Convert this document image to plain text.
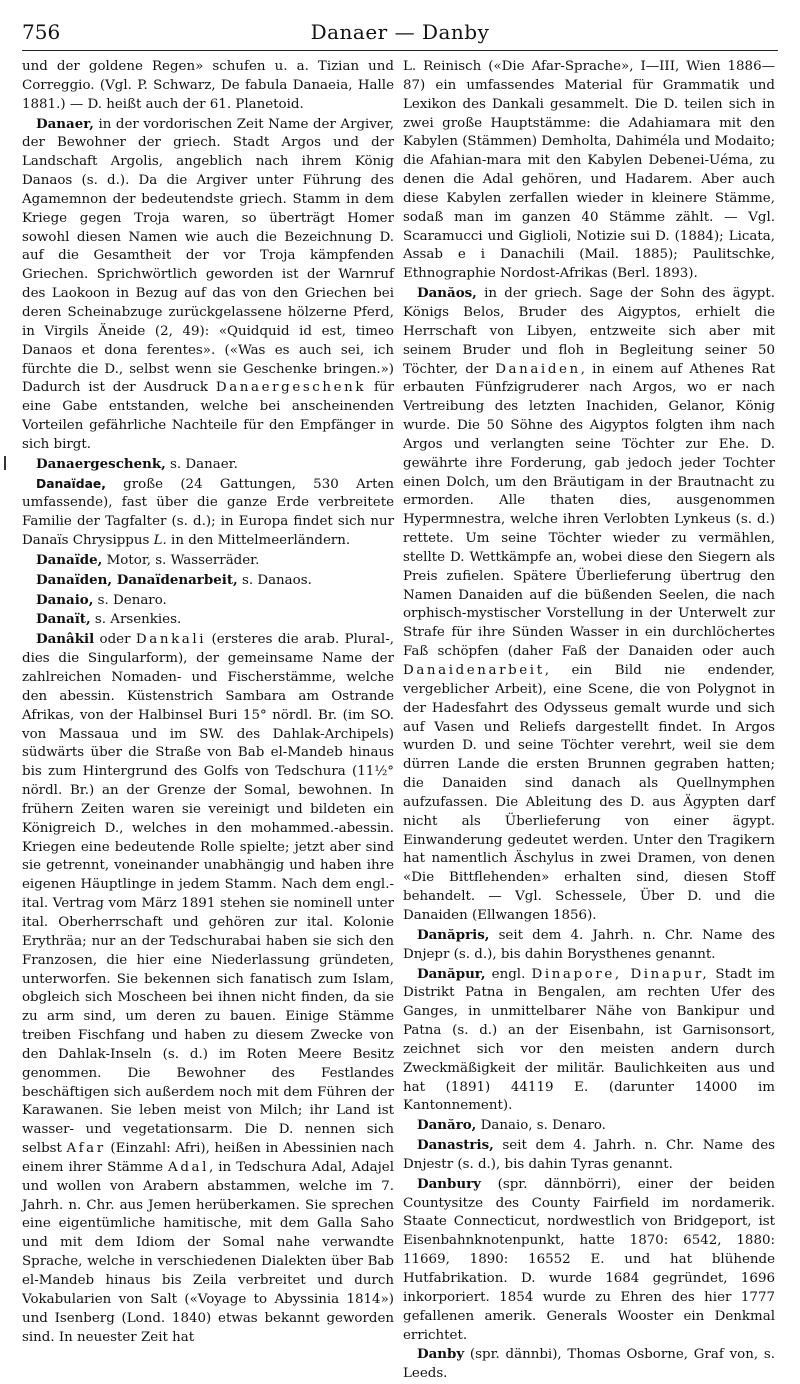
756	Danaer — Danby

und der goldene Regen» schufen u. a. Tizian und Correggio. (Vgl. P. Schwarz, De fabula Danaeia, Halle 1881.) — D. heißt auch der 61. Planetoid.

Danaer, in der vordorischen Zeit Name der Argiver, der Bewohner der griech. Stadt Argos und der Landschaft Argolis, angeblich nach ihrem König Danaos (s. d.). Da die Argiver unter Führung des Agamemnon der bedeutendste griech. Stamm in dem Kriege gegen Troja waren, so überträgt Homer sowohl diesen Namen wie auch die Bezeichnung D. auf die Gesamtheit der vor Troja kämpfenden Griechen. Sprichwörtlich geworden ist der Warnruf des Laokoon in Bezug auf das von den Griechen bei deren Scheinabzuge zurückgelassene hölzerne Pferd, in Virgils Äneide (2, 49): «Quidquid id est, timeo Danaos et dona ferentes». («Was es auch sei, ich fürchte die D., selbst wenn sie Geschenke bringen.») Dadurch ist der Ausdruck Danaergeschenk für eine Gabe entstanden, welche bei anscheinenden Vorteilen gefährliche Nachteile für den Empfänger in sich birgt.

Danaergeschenk, s. Danaer.

Danaïdae, große (24 Gattungen, 530 Arten umfassende), fast über die ganze Erde verbreitete Familie der Tagfalter (s. d.); in Europa findet sich nur Danaïs Chrysippus L. in den Mittelmeerländern.

Danaïde, Motor, s. Wasserräder.

Danaïden, Danaïdenarbeit, s. Danaos.

Danaio, s. Denaro.

Danaït, s. Arsenkies.

Danâkil oder Dankali (ersteres die arab. Plural-, dies die Singularform), der gemeinsame Name der zahlreichen Nomaden- und Fischerstämme, welche den abessin. Küstenstrich Sambara am Ostrande Afrikas, von der Halbinsel Buri 15° nördl. Br. (im SO. von Massaua und im SW. des Dahlak-Archipels) südwärts über die Straße von Bab el-Mandeb hinaus bis zum Hintergrund des Golfs von Tedschura (11½° nördl. Br.) an der Grenze der Somal, bewohnen. In frühern Zeiten waren sie vereinigt und bildeten ein Königreich D., welches in den mohammed.-abessin. Kriegen eine bedeutende Rolle spielte; jetzt aber sind sie getrennt, voneinander unabhängig und haben ihre eigenen Häuptlinge in jedem Stamm. Nach dem engl.-ital. Vertrag vom März 1891 stehen sie nominell unter ital. Oberherrschaft und gehören zur ital. Kolonie Erythräa; nur an der Tedschurabai haben sie sich den Franzosen, die hier eine Niederlassung gründeten, unterworfen. Sie bekennen sich fanatisch zum Islam, obgleich sich Moscheen bei ihnen nicht finden, da sie zu arm sind, um deren zu bauen. Einige Stämme treiben Fischfang und haben zu diesem Zwecke von den Dahlak-Inseln (s. d.) im Roten Meere Besitz genommen. Die Bewohner des Festlandes beschäftigen sich außerdem noch mit dem Führen der Karawanen. Sie leben meist von Milch; ihr Land ist wasser- und vegetationsarm. Die D. nennen sich selbst Afar (Einzahl: Afri), heißen in Abessinien nach einem ihrer Stämme Adal, in Tedschura Adal, Adajel und wollen von Arabern abstammen, welche im 7. Jahrh. n. Chr. aus Jemen herüberkamen. Sie sprechen eine eigentümliche hamitische, mit dem Galla Saho und mit dem Idiom der Somal nahe verwandte Sprache, welche in verschiedenen Dialekten über Bab el-Mandeb hinaus bis Zeila verbreitet und durch Vokabularien von Salt («Voyage to Abyssinia 1814») und Isenberg (Lond. 1840) etwas bekannt geworden sind. In neuester Zeit hat

L. Reinisch («Die Afar-Sprache», I—III, Wien 1886—87) ein umfassendes Material für Grammatik und Lexikon des Dankali gesammelt. Die D. teilen sich in zwei große Hauptstämme: die Adahiamara mit den Kabylen (Stämmen) Demholta, Dahiméla und Modaito; die Afahian-mara mit den Kabylen Debenei-Uéma, zu denen die Adal gehören, und Hadarem. Aber auch diese Kabylen zerfallen wieder in kleinere Stämme, sodaß man im ganzen 40 Stämme zählt. — Vgl. Scaramucci und Giglioli, Notizie sui D. (1884); Licata, Assab e i Danachili (Mail. 1885); Paulitschke, Ethnographie Nordost-Afrikas (Berl. 1893).

Danăos, in der griech. Sage der Sohn des ägypt. Königs Belos, Bruder des Aigyptos, erhielt die Herrschaft von Libyen, entzweite sich aber mit seinem Bruder und floh in Begleitung seiner 50 Töchter, der Danaiden, in einem auf Athenes Rat erbauten Fünfzigruderer nach Argos, wo er nach Vertreibung des letzten Inachiden, Gelanor, König wurde. Die 50 Söhne des Aigyptos folgten ihm nach Argos und verlangten seine Töchter zur Ehe. D. gewährte ihre Forderung, gab jedoch jeder Tochter einen Dolch, um den Bräutigam in der Brautnacht zu ermorden. Alle thaten dies, ausgenommen Hypermnestra, welche ihren Verlobten Lynkeus (s. d.) rettete. Um seine Töchter wieder zu vermählen, stellte D. Wettkämpfe an, wobei diese den Siegern als Preis zufielen. Spätere Überlieferung übertrug den Namen Danaiden auf die büßenden Seelen, die nach orphisch-mystischer Vorstellung in der Unterwelt zur Strafe für ihre Sünden Wasser in ein durchlöchertes Faß schöpfen (daher Faß der Danaiden oder auch Danaidenarbeit, ein Bild nie endender, vergeblicher Arbeit), eine Scene, die von Polygnot in der Hadesfahrt des Odysseus gemalt wurde und sich auf Vasen und Reliefs dargestellt findet. In Argos wurden D. und seine Töchter verehrt, weil sie dem dürren Lande die ersten Brunnen gegraben hatten; die Danaiden sind danach als Quellnymphen aufzufassen. Die Ableitung des D. aus Ägypten darf nicht als Überlieferung von einer ägypt. Einwanderung gedeutet werden. Unter den Tragikern hat namentlich Äschylus in zwei Dramen, von denen «Die Bittflehenden» erhalten sind, diesen Stoff behandelt. — Vgl. Schessele, Über D. und die Danaiden (Ellwangen 1856).

Danăpris, seit dem 4. Jahrh. n. Chr. Name des Dnjepr (s. d.), bis dahin Borysthenes genannt.

Danăpur, engl. Dinapore, Dinapur, Stadt im Distrikt Patna in Bengalen, am rechten Ufer des Ganges, in unmittelbarer Nähe von Bankipur und Patna (s. d.) an der Eisenbahn, ist Garnisonsort, zeichnet sich vor den meisten andern durch Zweckmäßigkeit der militär. Baulichkeiten aus und hat (1891) 44119 E. (darunter 14000 im Kantonnement).

Danăro, Danaio, s. Denaro.

Danastris, seit dem 4. Jahrh. n. Chr. Name des Dnjestr (s. d.), bis dahin Tyras genannt.

Danbury (spr. dännbörri), einer der beiden Countysitze des County Fairfield im nordamerik. Staate Connecticut, nordwestlich von Bridgeport, ist Eisenbahnknotenpunkt, hatte 1870: 6542, 1880: 11669, 1890: 16552 E. und hat blühende Hutfabrikation. D. wurde 1684 gegründet, 1696 inkorporiert. 1854 wurde zu Ehren des hier 1777 gefallenen amerik. Generals Wooster ein Denkmal errichtet.

Danby (spr. dännbi), Thomas Osborne, Graf von, s. Leeds.
